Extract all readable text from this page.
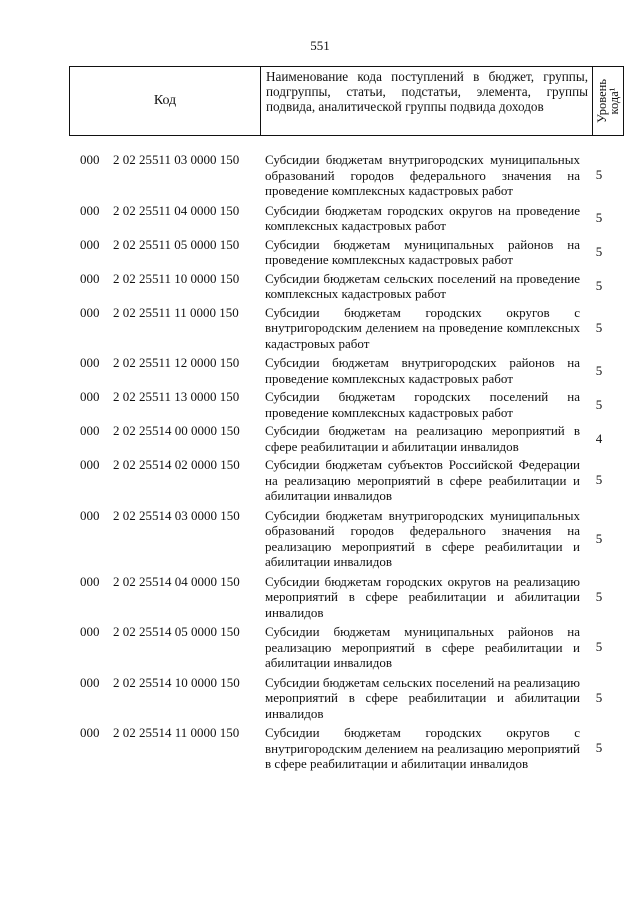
551
Код	Наименование кода поступлений в бюджет, группы, подгруппы, статьи, подстатьи, элемента, группы подвида, аналитической группы подвида доходов	Уровень
кода¹
000 2 02 25511 03 0000 150 Субсидии бюджетам внутригородских муниципальных образований городов федерального значения на проведение комплексных кадастровых работ
5
000 2 02 25511 04 0000 150 Субсидии бюджетам городских округов на проведение комплексных кадастровых работ
5
000 2 02 25511 05 0000 150 Субсидии бюджетам муниципальных районов на проведение комплексных кадастровых работ
5
000 2 02 25511 10 0000 150 Субсидии бюджетам сельских поселений на проведение комплексных кадастровых работ
5
000 2 02 25511 11 0000 150 Субсидии бюджетам городских округов с внутригородским делением на проведение комплексных кадастровых работ
5
000 2 02 25511 12 0000 150 Субсидии бюджетам внутригородских районов на проведение комплексных кадастровых работ
5
000 2 02 25511 13 0000 150 Субсидии бюджетам городских поселений на проведение комплексных кадастровых работ
5
000 2 02 25514 00 0000 150 Субсидии бюджетам на реализацию мероприятий в сфере реабилитации и абилитации инвалидов
4
000 2 02 25514 02 0000 150 Субсидии бюджетам субъектов Российской Федерации на реализацию мероприятий в сфере реабилитации и абилитации инвалидов
5
000 2 02 25514 03 0000 150 Субсидии бюджетам внутригородских муниципальных образований городов федерального значения на реализацию мероприятий в сфере реабилитации и абилитации инвалидов
5
000 2 02 25514 04 0000 150 Субсидии бюджетам городских округов на реализацию мероприятий в сфере реабилитации и абилитации инвалидов
5
000 2 02 25514 05 0000 150 Субсидии бюджетам муниципальных районов на реализацию мероприятий в сфере реабилитации и абилитации инвалидов
5
000 2 02 25514 10 0000 150 Субсидии бюджетам сельских поселений на реализацию мероприятий в сфере реабилитации и абилитации инвалидов
5
000 2 02 25514 11 0000 150 Субсидии бюджетам городских округов с внутригородским делением на реализацию мероприятий в сфере реабилитации и абилитации инвалидов
5
